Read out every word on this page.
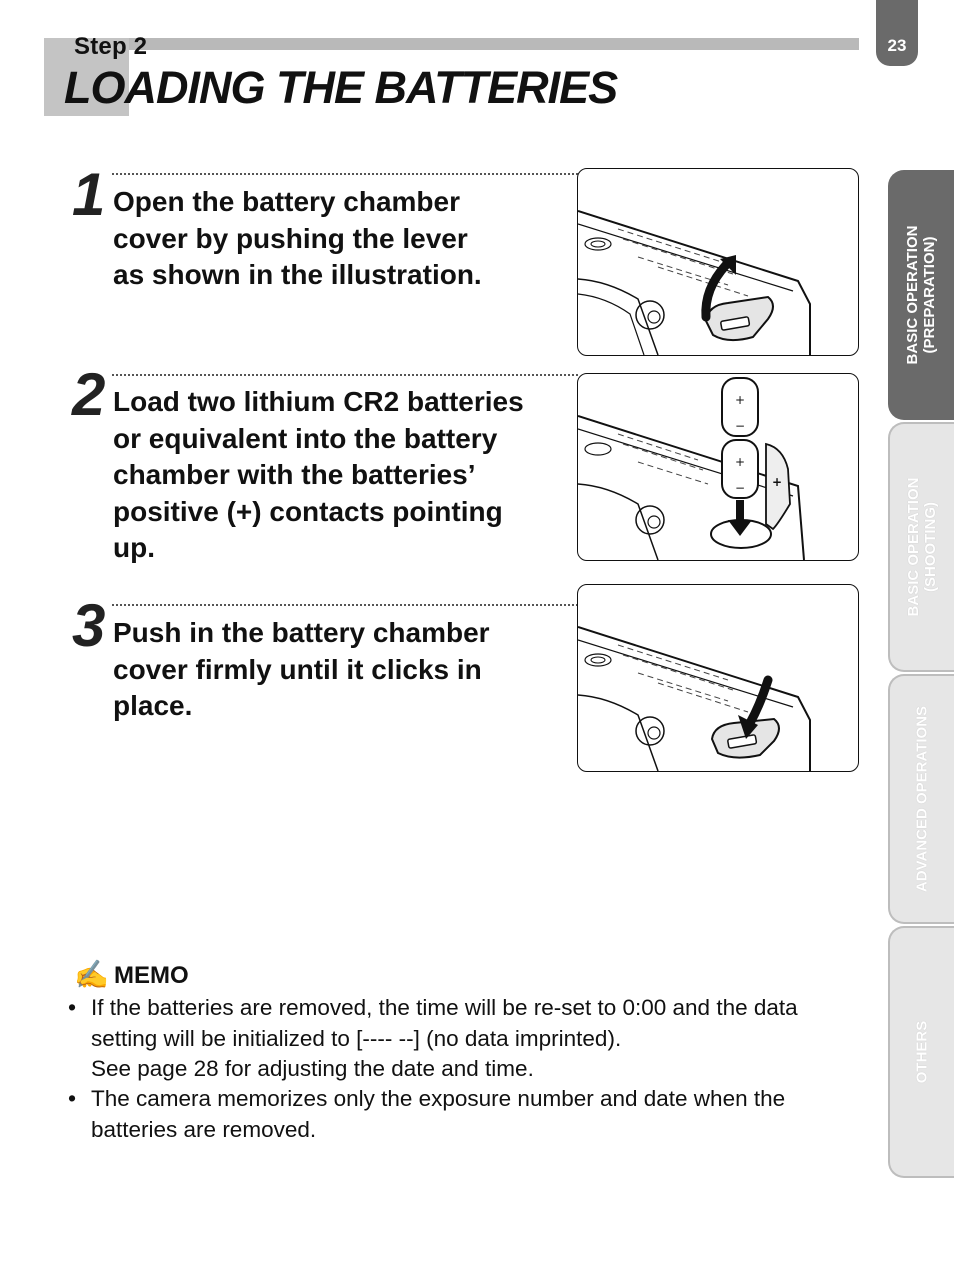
Step 2
LOADING THE BATTERIES
23
1 Open the battery chamber
cover by pushing the lever
as shown in the illustration.
2 Load two lithium CR2 batteries
or equivalent into the battery
chamber with the batteries’
positive (+) contacts pointing
up.
3 Push in the battery chamber
cover firmly until it clicks in
place.
+
+
−
+
−
✍ MEMO
• If the batteries are removed, the time will be re-set to 0:00 and the data
setting will be initialized to [---- --] (no data imprinted).
See page 28 for adjusting the date and time.
• The camera memorizes only the exposure number and date when the
batteries are removed.
BASIC OPERATION (PREPARATION)
BASIC OPERATION (SHOOTING)
ADVANCED OPERATIONS
OTHERS
